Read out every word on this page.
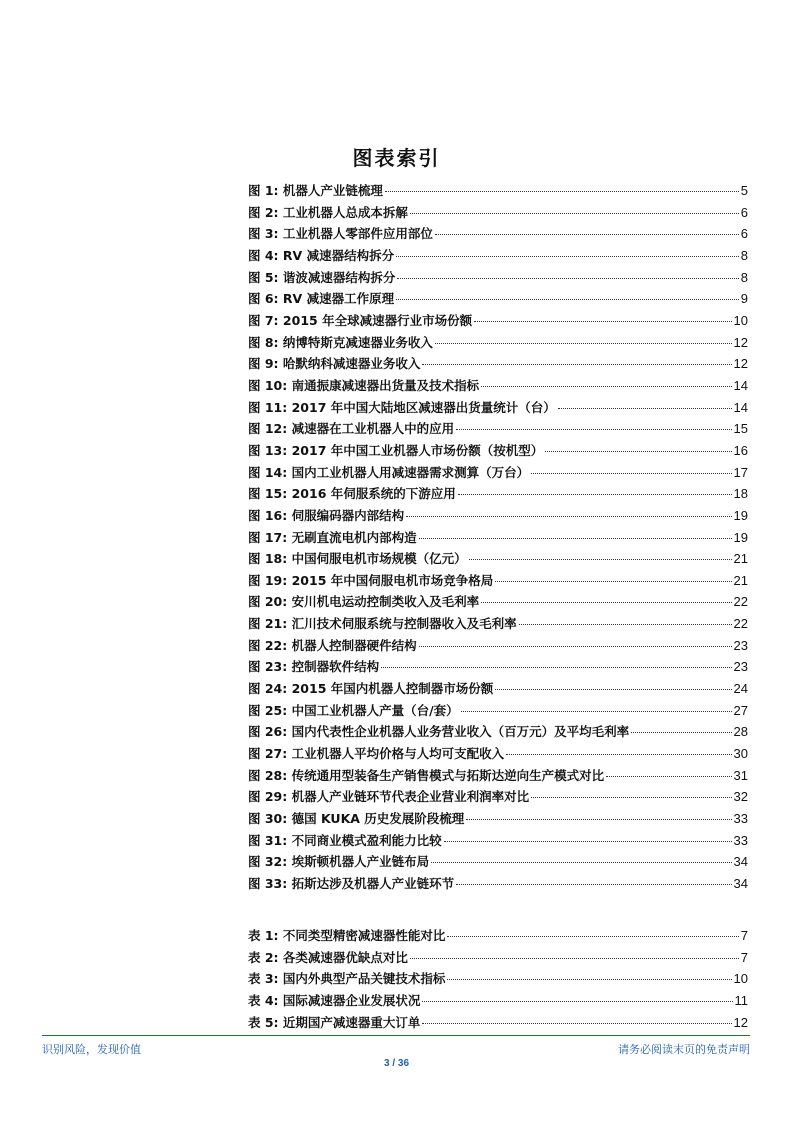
图表索引
图 1: 机器人产业链梳理	5
图 2: 工业机器人总成本拆解	6
图 3: 工业机器人零部件应用部位	6
图 4: RV 减速器结构拆分	8
图 5: 谐波减速器结构拆分	8
图 6: RV 减速器工作原理	9
图 7: 2015 年全球减速器行业市场份额	10
图 8: 纳博特斯克减速器业务收入	12
图 9: 哈默纳科减速器业务收入	12
图 10: 南通振康减速器出货量及技术指标	14
图 11: 2017 年中国大陆地区减速器出货量统计（台）	14
图 12: 减速器在工业机器人中的应用	15
图 13: 2017 年中国工业机器人市场份额（按机型）	16
图 14: 国内工业机器人用减速器需求测算（万台）	17
图 15: 2016 年伺服系统的下游应用	18
图 16: 伺服编码器内部结构	19
图 17: 无刷直流电机内部构造	19
图 18: 中国伺服电机市场规模（亿元）	21
图 19: 2015 年中国伺服电机市场竞争格局	21
图 20: 安川机电运动控制类收入及毛利率	22
图 21: 汇川技术伺服系统与控制器收入及毛利率	22
图 22: 机器人控制器硬件结构	23
图 23: 控制器软件结构	23
图 24: 2015 年国内机器人控制器市场份额	24
图 25: 中国工业机器人产量（台/套）	27
图 26: 国内代表性企业机器人业务营业收入（百万元）及平均毛利率	28
图 27: 工业机器人平均价格与人均可支配收入	30
图 28: 传统通用型装备生产销售模式与拓斯达逆向生产模式对比	31
图 29: 机器人产业链环节代表企业营业利润率对比	32
图 30: 德国 KUKA 历史发展阶段梳理	33
图 31: 不同商业模式盈利能力比较	33
图 32: 埃斯顿机器人产业链布局	34
图 33: 拓斯达涉及机器人产业链环节	34
表 1: 不同类型精密减速器性能对比	7
表 2: 各类减速器优缺点对比	7
表 3: 国内外典型产品关键技术指标	10
表 4: 国际减速器企业发展状况	11
表 5: 近期国产减速器重大订单	12
识别风险，发现价值	请务必阅读末页的免责声明
3 / 36
